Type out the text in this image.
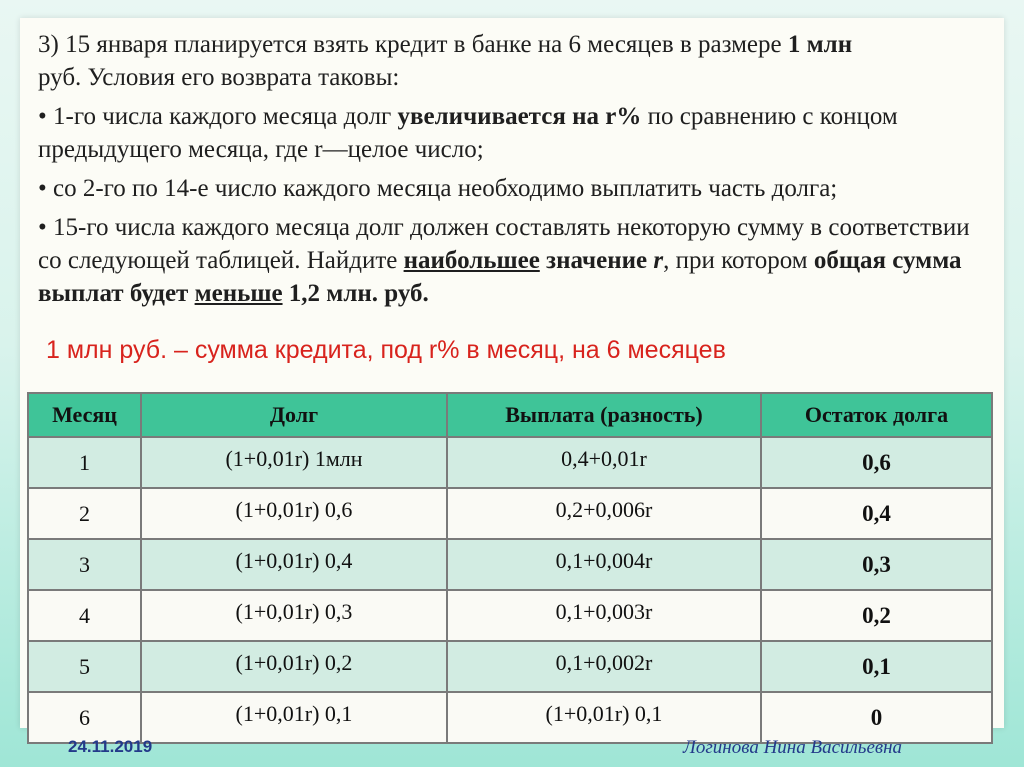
3) 15 января планируется взять кредит в банке на 6 месяцев в размере 1 млн
руб. Условия его возврата таковы:

• 1-го числа каждого месяца долг увеличивается на r% по сравнению с концом предыдущего месяца, где r—целое число;

• со 2-го по 14-е число каждого месяца необходимо выплатить часть долга;

• 15-го числа каждого месяца долг должен составлять некоторую сумму в соответствии со следующей таблицей. Найдите наибольшее значение r, при котором общая сумма выплат будет меньше 1,2 млн. руб.

1 млн руб. – сумма кредита, под r% в месяц, на 6 месяцев
Месяц	Долг	Выплата (разность)	Остаток долга
1	(1+0,01r) 1млн	0,4+0,01r	0,6
2	(1+0,01r) 0,6	0,2+0,006r	0,4
3	(1+0,01r) 0,4	0,1+0,004r	0,3
4	(1+0,01r) 0,3	0,1+0,003r	0,2
5	(1+0,01r) 0,2	0,1+0,002r	0,1
6	(1+0,01r) 0,1	(1+0,01r) 0,1	0
24.11.2019	Логинова Нина Васильевна
